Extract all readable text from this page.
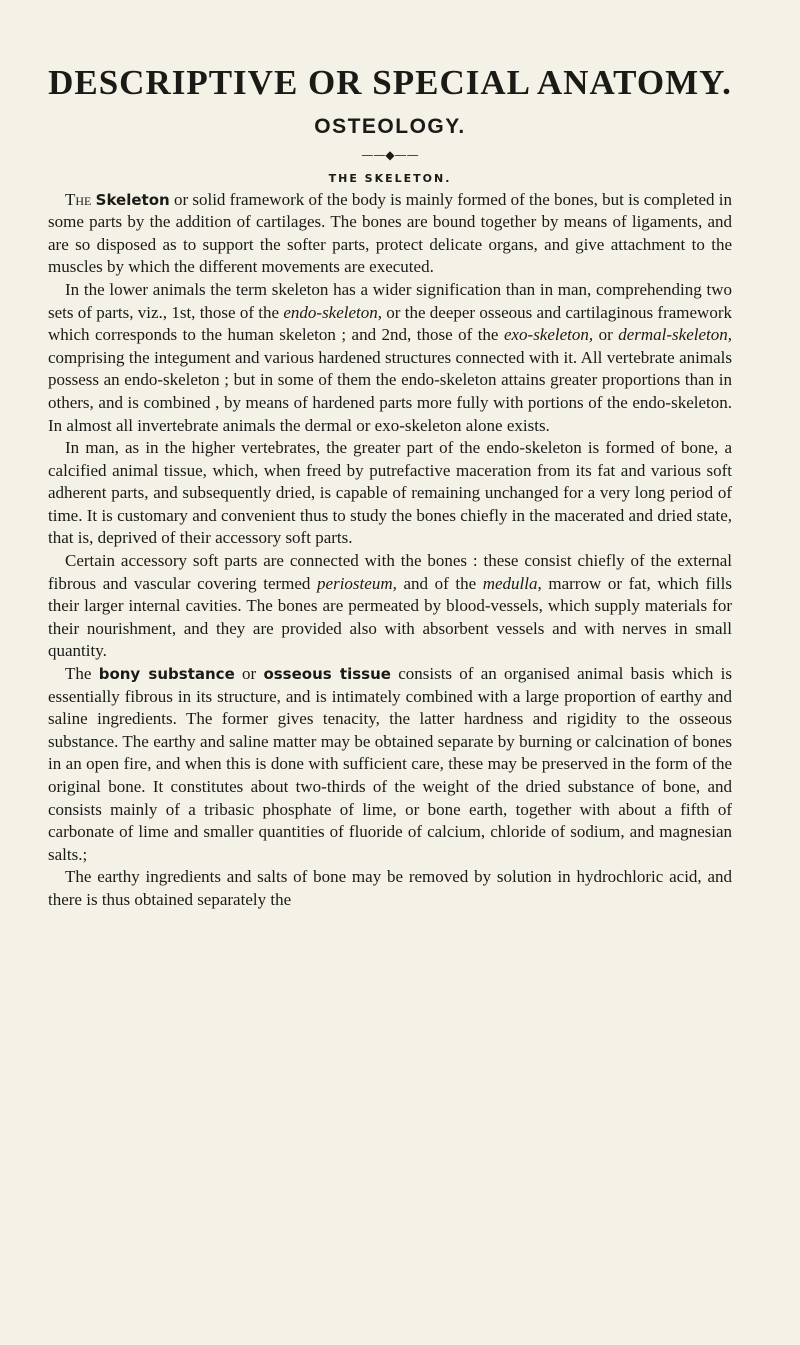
DESCRIPTIVE OR SPECIAL ANATOMY.
OSTEOLOGY.
——◆——
THE SKELETON.

The Skeleton or solid framework of the body is mainly formed of the bones, but is completed in some parts by the addition of cartilages. The bones are bound together by means of ligaments, and are so disposed as to support the softer parts, protect delicate organs, and give attachment to the muscles by which the different movements are executed.

In the lower animals the term skeleton has a wider signification than in man, comprehending two sets of parts, viz., 1st, those of the endo-skeleton, or the deeper osseous and cartilaginous framework which corresponds to the human skeleton ; and 2nd, those of the exo-skeleton, or dermal-skeleton, comprising the integument and various hardened structures connected with it. All vertebrate animals possess an endo-skeleton ; but in some of them the endo-skeleton attains greater proportions than in others, and is combined , by means of hardened parts more fully with portions of the endo-skeleton. In almost all invertebrate animals the dermal or exo-skeleton alone exists.

In man, as in the higher vertebrates, the greater part of the endo-skeleton is formed of bone, a calcified animal tissue, which, when freed by putrefactive maceration from its fat and various soft adherent parts, and subsequently dried, is capable of remaining unchanged for a very long period of time. It is customary and convenient thus to study the bones chiefly in the macerated and dried state, that is, deprived of their accessory soft parts.

Certain accessory soft parts are connected with the bones : these consist chiefly of the external fibrous and vascular covering termed periosteum, and of the medulla, marrow or fat, which fills their larger internal cavities. The bones are permeated by blood-vessels, which supply materials for their nourishment, and they are provided also with absorbent vessels and with nerves in small quantity.

The bony substance or osseous tissue consists of an organised animal basis which is essentially fibrous in its structure, and is intimately combined with a large proportion of earthy and saline ingredients. The former gives tenacity, the latter hardness and rigidity to the osseous substance. The earthy and saline matter may be obtained separate by burning or calcination of bones in an open fire, and when this is done with sufficient care, these may be preserved in the form of the original bone. It constitutes about two-thirds of the weight of the dried substance of bone, and consists mainly of a tribasic phosphate of lime, or bone earth, together with about a fifth of carbonate of lime and smaller quantities of fluoride of calcium, chloride of sodium, and magnesian salts.;

The earthy ingredients and salts of bone may be removed by solution in hydrochloric acid, and there is thus obtained separately the
